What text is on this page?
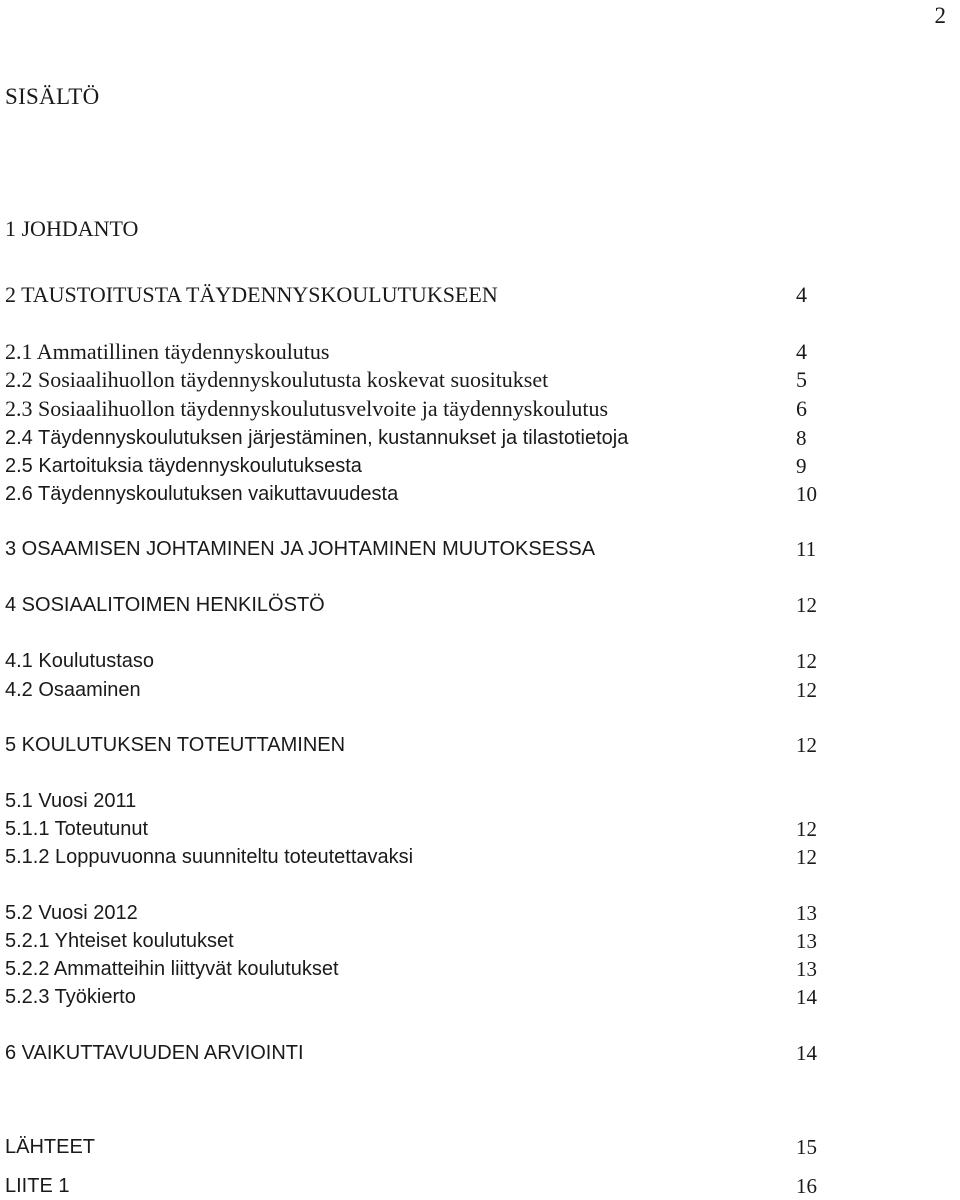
2
SISÄLTÖ
1 JOHDANTO
2 TAUSTOITUSTA TÄYDENNYSKOULUTUKSEEN	4
2.1 Ammatillinen täydennyskoulutus	4
2.2 Sosiaalihuollon täydennyskoulutusta koskevat suositukset	5
2.3 Sosiaalihuollon täydennyskoulutusvelvoite ja täydennyskoulutus	6
2.4 Täydennyskoulutuksen järjestäminen, kustannukset ja tilastotietoja	8
2.5 Kartoituksia täydennyskoulutuksesta	9
2.6 Täydennyskoulutuksen vaikuttavuudesta	10
3 OSAAMISEN JOHTAMINEN JA JOHTAMINEN MUUTOKSESSA	11
4 SOSIAALITOIMEN HENKILÖSTÖ	12
4.1 Koulutustaso	12
4.2 Osaaminen	12
5 KOULUTUKSEN TOTEUTTAMINEN	12
5.1 Vuosi 2011
5.1.1 Toteutunut	12
5.1.2 Loppuvuonna suunniteltu toteutettavaksi	12
5.2 Vuosi 2012	13
5.2.1 Yhteiset koulutukset	13
5.2.2 Ammatteihin liittyvät koulutukset	13
5.2.3 Työkierto	14
6 VAIKUTTAVUUDEN ARVIOINTI	14
LÄHTEET	15
LIITE 1	16
